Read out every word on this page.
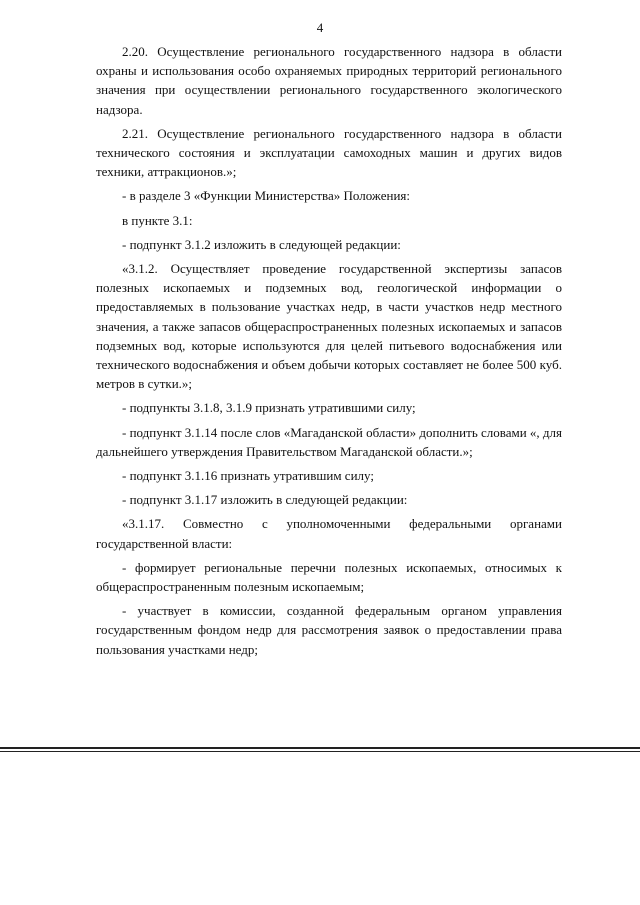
4

2.20. Осуществление регионального государственного надзора в области охраны и использования особо охраняемых природных территорий регионального значения при осуществлении регионального государственного экологического надзора.

2.21. Осуществление регионального государственного надзора в области технического состояния и эксплуатации самоходных машин и других видов техники, аттракционов.»;

- в разделе 3 «Функции Министерства» Положения:

в пункте 3.1:

- подпункт 3.1.2 изложить в следующей редакции:

«3.1.2. Осуществляет проведение государственной экспертизы запасов полезных ископаемых и подземных вод, геологической информации о предоставляемых в пользование участках недр, в части участков недр местного значения, а также запасов общераспространенных полезных ископаемых и запасов подземных вод, которые используются для целей питьевого водоснабжения или технического водоснабжения и объем добычи которых составляет не более 500 куб. метров в сутки.»;

- подпункты 3.1.8, 3.1.9 признать утратившими силу;

- подпункт 3.1.14 после слов «Магаданской области» дополнить словами «, для дальнейшего утверждения Правительством Магаданской области.»;

- подпункт 3.1.16 признать утратившим силу;

- подпункт 3.1.17 изложить в следующей редакции:

«3.1.17. Совместно с уполномоченными федеральными органами государственной власти:

- формирует региональные перечни полезных ископаемых, относимых к общераспространенным полезным ископаемым;

- участвует в комиссии, созданной федеральным органом управления государственным фондом недр для рассмотрения заявок о предоставлении права пользования участками недр;
